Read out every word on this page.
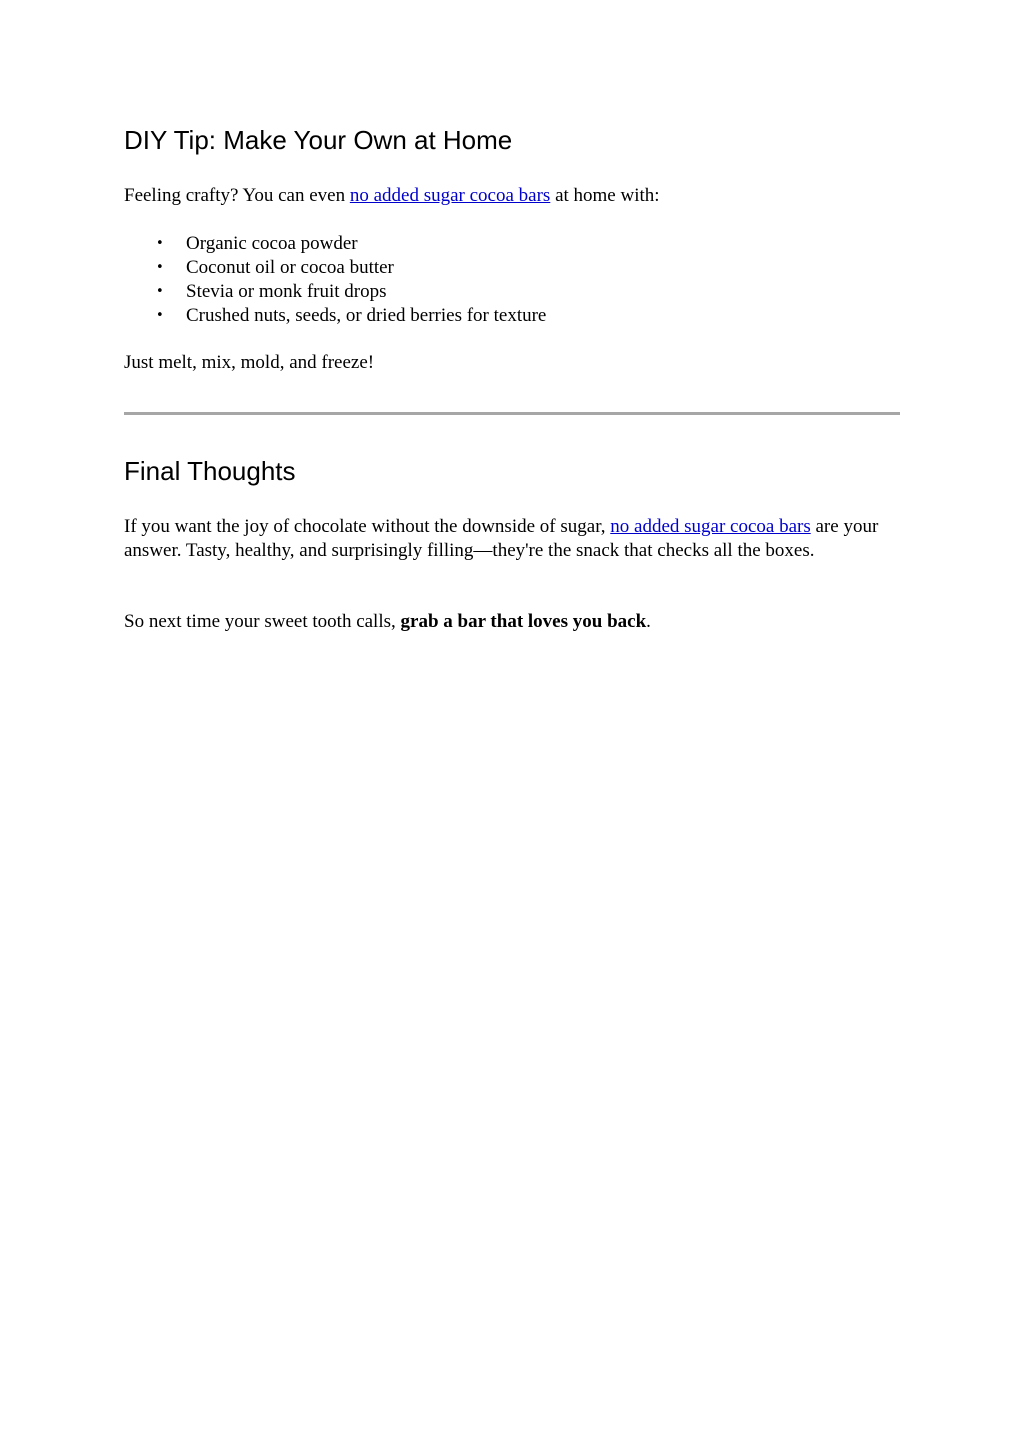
DIY Tip: Make Your Own at Home

Feeling crafty? You can even no added sugar cocoa bars at home with:

• Organic cocoa powder
• Coconut oil or cocoa butter
• Stevia or monk fruit drops
• Crushed nuts, seeds, or dried berries for texture

Just melt, mix, mold, and freeze!

Final Thoughts

If you want the joy of chocolate without the downside of sugar, no added sugar cocoa bars are your answer. Tasty, healthy, and surprisingly filling—they're the snack that checks all the boxes.

So next time your sweet tooth calls, grab a bar that loves you back.
